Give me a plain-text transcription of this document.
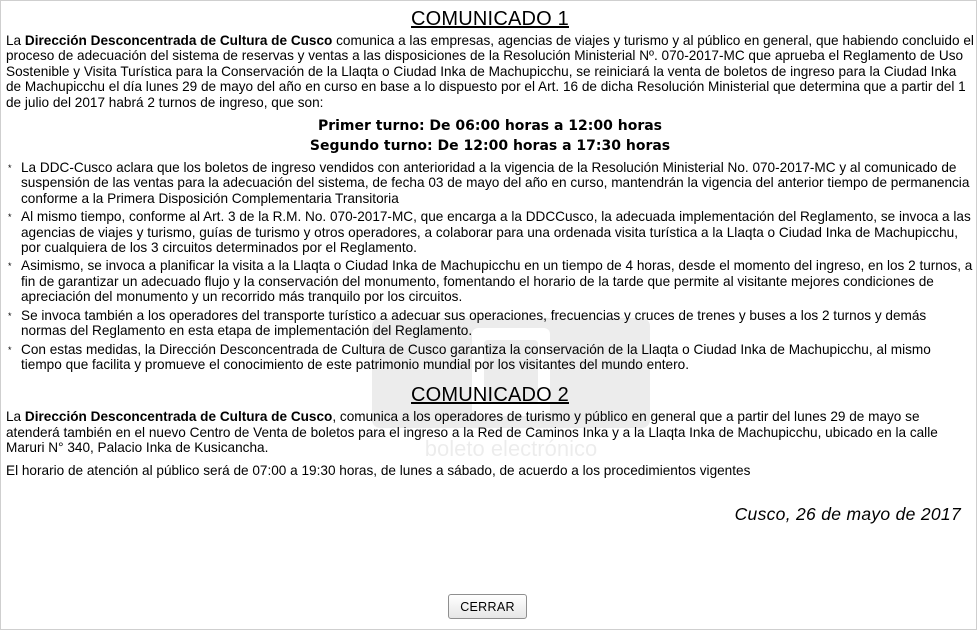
boleto electrónico
COMUNICADO 1

La Dirección Desconcentrada de Cultura de Cusco comunica a las empresas, agencias de viajes y turismo y al público en general, que habiendo concluido el proceso de adecuación del sistema de reservas y ventas a las disposiciones de la Resolución Ministerial Nº. 070-2017-MC que aprueba el Reglamento de Uso Sostenible y Visita Turística para la Conservación de la Llaqta o Ciudad Inka de Machupicchu, se reiniciará la venta de boletos de ingreso para la Ciudad Inka de Machupicchu el día lunes 29 de mayo del año en curso en base a lo dispuesto por el Art. 16 de dicha Resolución Ministerial que determina que a partir del 1 de julio del 2017 habrá 2 turnos de ingreso, que son:

Primer turno: De 06:00 horas a 12:00 horas
Segundo turno: De 12:00 horas a 17:30 horas
* La DDC-Cusco aclara que los boletos de ingreso vendidos con anterioridad a la vigencia de la Resolución Ministerial No. 070-2017-MC y al comunicado de suspensión de las ventas para la adecuación del sistema, de fecha 03 de mayo del año en curso, mantendrán la vigencia del anterior tiempo de permanencia conforme a la Primera Disposición Complementaria Transitoria
* Al mismo tiempo, conforme al Art. 3 de la R.M. No. 070-2017-MC, que encarga a la DDCCusco, la adecuada implementación del Reglamento, se invoca a las agencias de viajes y turismo, guías de turismo y otros operadores, a colaborar para una ordenada visita turística a la Llaqta o Ciudad Inka de Machupicchu, por cualquiera de los 3 circuitos determinados por el Reglamento.
* Asimismo, se invoca a planificar la visita a la Llaqta o Ciudad Inka de Machupicchu en un tiempo de 4 horas, desde el momento del ingreso, en los 2 turnos, a fin de garantizar un adecuado flujo y la conservación del monumento, fomentando el horario de la tarde que permite al visitante mejores condiciones de apreciación del monumento y un recorrido más tranquilo por los circuitos.
* Se invoca también a los operadores del transporte turístico a adecuar sus operaciones, frecuencias y cruces de trenes y buses a los 2 turnos y demás normas del Reglamento en esta etapa de implementación del Reglamento.
* Con estas medidas, la Dirección Desconcentrada de Cultura de Cusco garantiza la conservación de la Llaqta o Ciudad Inka de Machupicchu, al mismo tiempo que facilita y promueve el conocimiento de este patrimonio mundial por los visitantes del mundo entero.
COMUNICADO 2

La Dirección Desconcentrada de Cultura de Cusco, comunica a los operadores de turismo y público en general que a partir del lunes 29 de mayo se atenderá también en el nuevo Centro de Venta de boletos para el ingreso a la Red de Caminos Inka y a la Llaqta Inka de Machupicchu, ubicado en la calle Maruri N° 340, Palacio Inka de Kusicancha.

El horario de atención al público será de 07:00 a 19:30 horas, de lunes a sábado, de acuerdo a los procedimientos vigentes

Cusco, 26 de mayo de 2017
CERRAR
